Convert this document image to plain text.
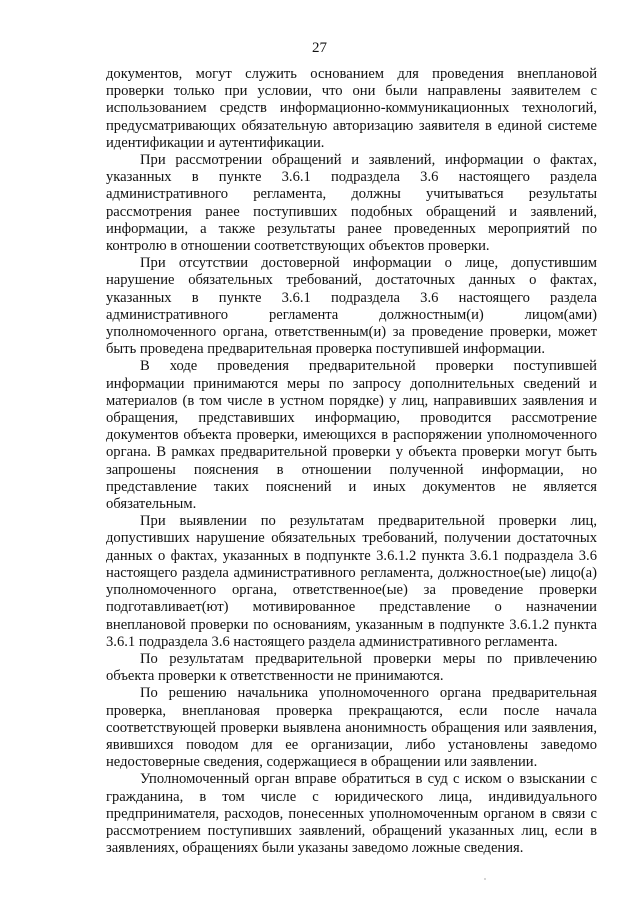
27

документов, могут служить основанием для проведения внеплановой проверки только при условии, что они были направлены заявителем с использованием средств информационно-коммуникационных технологий, предусматривающих обязательную авторизацию заявителя в единой системе идентификации и аутентификации.

При рассмотрении обращений и заявлений, информации о фактах, указанных в пункте 3.6.1 подраздела 3.6 настоящего раздела административного регламента, должны учитываться результаты рассмотрения ранее поступивших подобных обращений и заявлений, информации, а также результаты ранее проведенных мероприятий по контролю в отношении соответствующих объектов проверки.

При отсутствии достоверной информации о лице, допустившим нарушение обязательных требований, достаточных данных о фактах, указанных в пункте 3.6.1 подраздела 3.6 настоящего раздела административного регламента должностным(и) лицом(ами) уполномоченного органа, ответственным(и) за проведение проверки, может быть проведена предварительная проверка поступившей информации.

В ходе проведения предварительной проверки поступившей информации принимаются меры по запросу дополнительных сведений и материалов (в том числе в устном порядке) у лиц, направивших заявления и обращения, представивших информацию, проводится рассмотрение документов объекта проверки, имеющихся в распоряжении уполномоченного органа. В рамках предварительной проверки у объекта проверки могут быть запрошены пояснения в отношении полученной информации, но представление таких пояснений и иных документов не является обязательным.

При выявлении по результатам предварительной проверки лиц, допустивших нарушение обязательных требований, получении достаточных данных о фактах, указанных в подпункте 3.6.1.2 пункта 3.6.1 подраздела 3.6 настоящего раздела административного регламента, должностное(ые) лицо(а) уполномоченного органа, ответственное(ые) за проведение проверки подготавливает(ют) мотивированное представление о назначении внеплановой проверки по основаниям, указанным в подпункте 3.6.1.2 пункта 3.6.1 подраздела 3.6 настоящего раздела административного регламента.

По результатам предварительной проверки меры по привлечению объекта проверки к ответственности не принимаются.

По решению начальника уполномоченного органа предварительная проверка, внеплановая проверка прекращаются, если после начала соответствующей проверки выявлена анонимность обращения или заявления, явившихся поводом для ее организации, либо установлены заведомо недостоверные сведения, содержащиеся в обращении или заявлении.

Уполномоченный орган вправе обратиться в суд с иском о взыскании с гражданина, в том числе с юридического лица, индивидуального предпринимателя, расходов, понесенных уполномоченным органом в связи с рассмотрением поступивших заявлений, обращений указанных лиц, если в заявлениях, обращениях были указаны заведомо ложные сведения.
